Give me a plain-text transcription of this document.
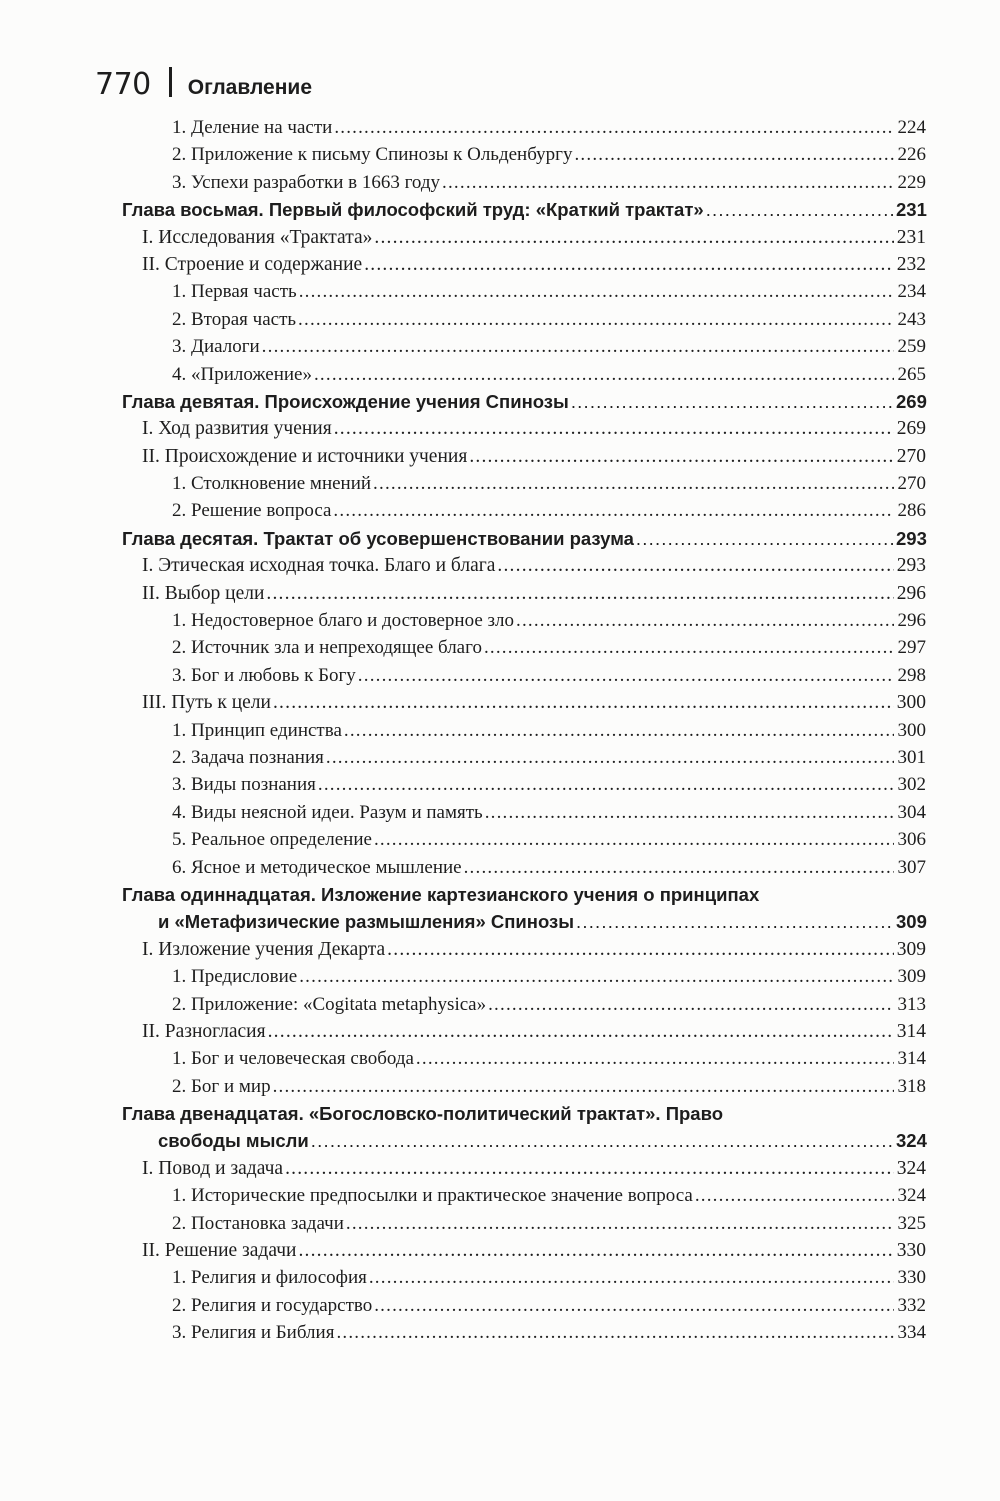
770 Оглавление
1. Деление на части .....	224
2. Приложение к письму Спинозы к Ольденбургу .....	226
3. Успехи разработки в 1663 году .....	229
Глава восьмая. Первый философский труд: «Краткий трактат» .....	231
I. Исследования «Трактата» .....	231
II. Строение и содержание .....	232
1. Первая часть .....	234
2. Вторая часть .....	243
3. Диалоги .....	259
4. «Приложение» .....	265
Глава девятая. Происхождение учения Спинозы .....	269
I. Ход развития учения .....	269
II. Происхождение и источники учения .....	270
1. Столкновение мнений .....	270
2. Решение вопроса .....	286
Глава десятая. Трактат об усовершенствовании разума .....	293
I. Этическая исходная точка. Благо и блага .....	293
II. Выбор цели .....	296
1. Недостоверное благо и достоверное зло .....	296
2. Источник зла и непреходящее благо .....	297
3. Бог и любовь к Богу .....	298
III. Путь к цели .....	300
1. Принцип единства .....	300
2. Задача познания .....	301
3. Виды познания .....	302
4. Виды неясной идеи. Разум и память .....	304
5. Реальное определение .....	306
6. Ясное и методическое мышление .....	307
Глава одиннадцатая. Изложение картезианского учения о принципах
и «Метафизические размышления» Спинозы .....	309
I. Изложение учения Декарта .....	309
1. Предисловие .....	309
2. Приложение: «Cogitata metaphysica» .....	313
II. Разногласия .....	314
1. Бог и человеческая свобода .....	314
2. Бог и мир .....	318
Глава двенадцатая. «Богословско-политический трактат». Право
свободы мысли .....	324
I. Повод и задача .....	324
1. Исторические предпосылки и практическое значение вопроса .....	324
2. Постановка задачи .....	325
II. Решение задачи .....	330
1. Религия и философия .....	330
2. Религия и государство .....	332
3. Религия и Библия .....	334
